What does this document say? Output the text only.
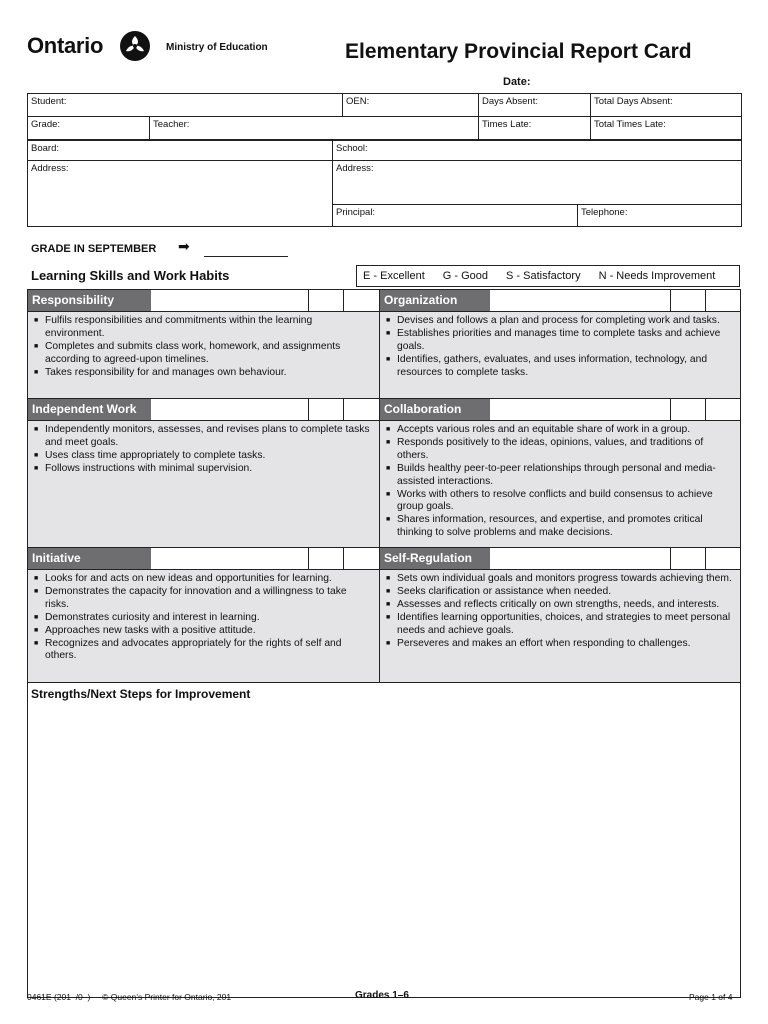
Ontario	Ministry of Education	Elementary Provincial Report Card
Date:
Student:		OEN:	Days Absent:	Total Days Absent:
Grade:	Teacher:		Times Late:	Total Times Late:
Board:	School:	
Address:	Address:	
	Principal:	Telephone:
GRADE IN SEPTEMBER ➡
Learning Skills and Work Habits	E - Excellent G - Good S - Satisfactory N - Needs Improvement
Responsibility
■ Fulfils responsibilities and commitments within the learning environment.
■ Completes and submits class work, homework, and assignments according to agreed-upon timelines.
■ Takes responsibility for and manages own behaviour.
Organization
■ Devises and follows a plan and process for completing work and tasks.
■ Establishes priorities and manages time to complete tasks and achieve goals.
■ Identifies, gathers, evaluates, and uses information, technology, and resources to complete tasks.
Independent Work
■ Independently monitors, assesses, and revises plans to complete tasks and meet goals.
■ Uses class time appropriately to complete tasks.
■ Follows instructions with minimal supervision.
Collaboration
■ Accepts various roles and an equitable share of work in a group.
■ Responds positively to the ideas, opinions, values, and traditions of others.
■ Builds healthy peer-to-peer relationships through personal and media-assisted interactions.
■ Works with others to resolve conflicts and build consensus to achieve group goals.
■ Shares information, resources, and expertise, and promotes critical thinking to solve problems and make decisions.
Initiative
■ Looks for and acts on new ideas and opportunities for learning.
■ Demonstrates the capacity for innovation and a willingness to take risks.
■ Demonstrates curiosity and interest in learning.
■ Approaches new tasks with a positive attitude.
■ Recognizes and advocates appropriately for the rights of self and others.
Self-Regulation
■ Sets own individual goals and monitors progress towards achieving them.
■ Seeks clarification or assistance when needed.
■ Assesses and reflects critically on own strengths, needs, and interests.
■ Identifies learning opportunities, choices, and strategies to meet personal needs and achieve goals.
■ Perseveres and makes an effort when responding to challenges.
Strengths/Next Steps for Improvement
0461E (201  /0  )     © Queen’s Printer for Ontario, 201	Grades 1–6	Page 1 of 4
